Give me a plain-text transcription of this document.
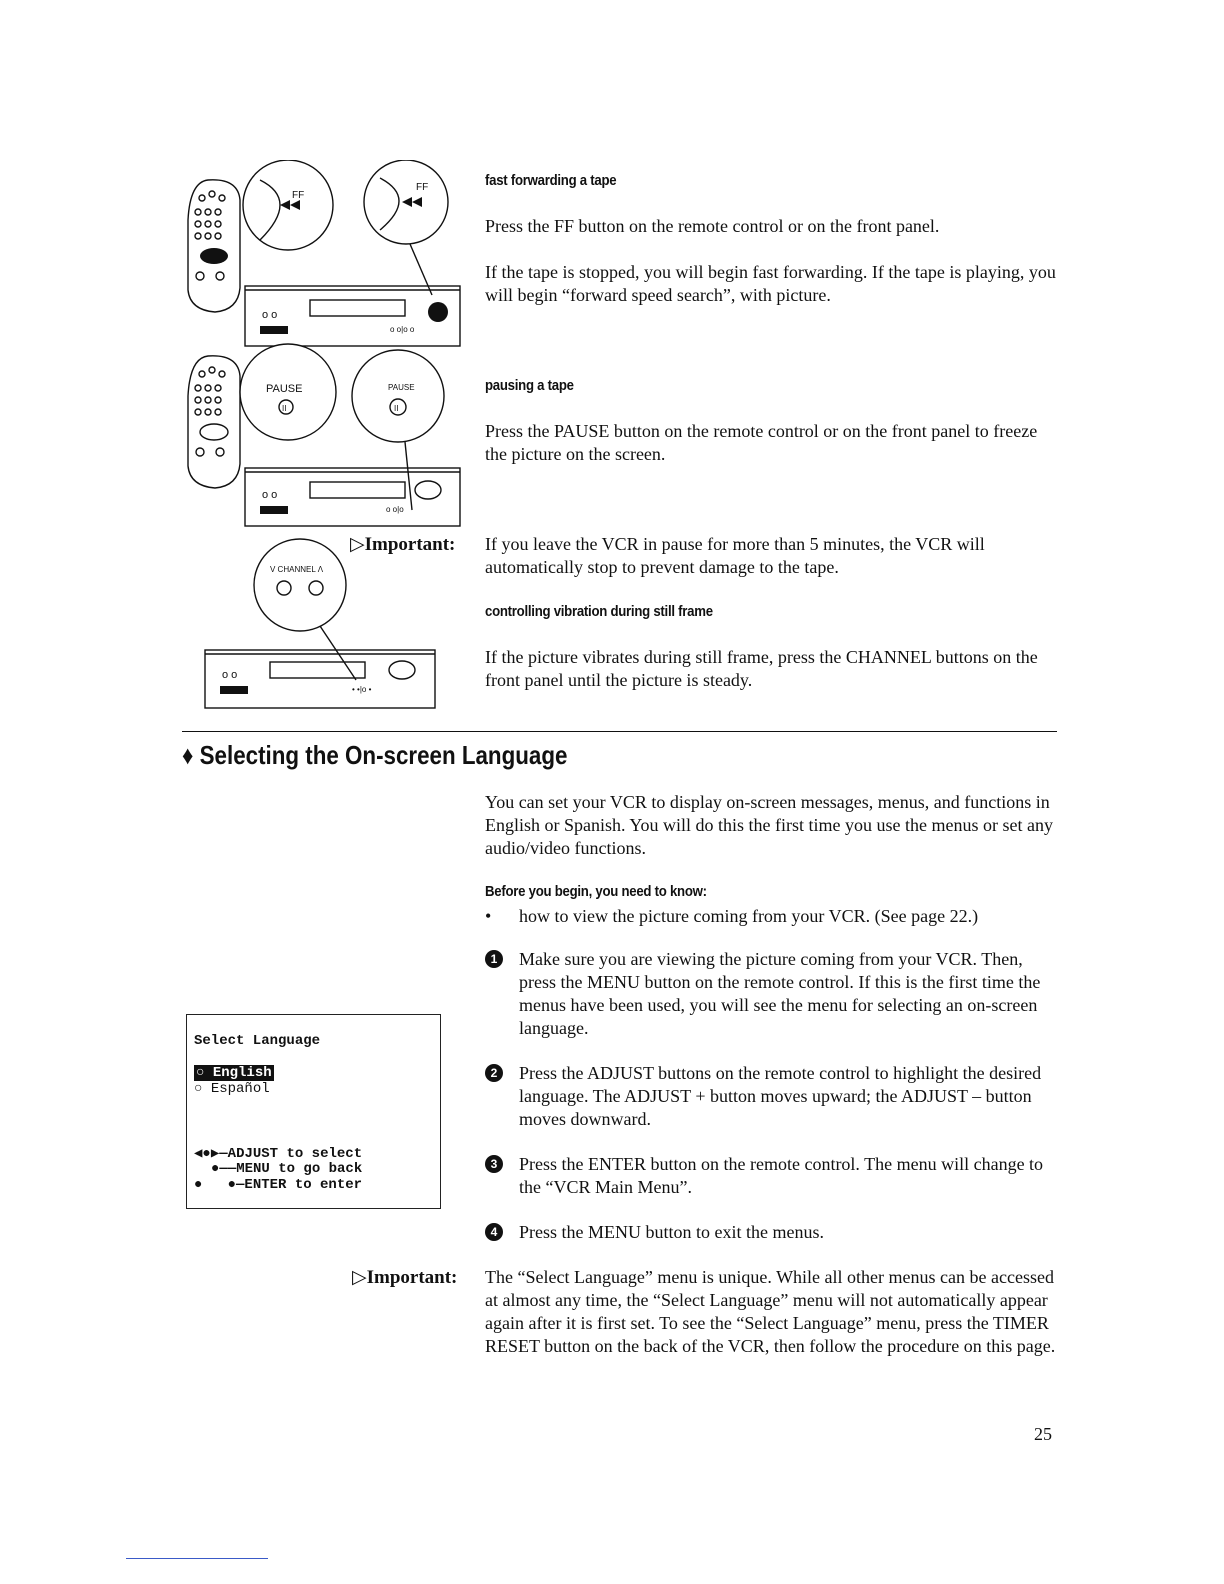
FF
FF
o o
o o|o o
PAUSE
II
PAUSE
II
o o
o o|o
V CHANNEL Λ
o o
• •|o •
fast forwarding a tape
Press the FF button on the remote control or on the front panel.
If the tape is stopped, you will begin fast forwarding. If the tape is playing, you will begin “forward speed search”, with picture.
pausing a tape
Press the PAUSE button on the remote control or on the front panel to freeze the picture on the screen.
▷Important: If you leave the VCR in pause for more than 5 minutes, the VCR will automatically stop to prevent damage to the tape.
controlling vibration during still frame
If the picture vibrates during still frame, press the CHANNEL buttons on the front panel until the picture is steady.
♦ Selecting the On-screen Language
You can set your VCR to display on-screen messages, menus, and functions in English or Spanish. You will do this the first time you use the menus or set any audio/video functions.
Before you begin, you need to know:
• how to view the picture coming from your VCR. (See page 22.)
1	Make sure you are viewing the picture coming from your VCR. Then, press the MENU button on the remote control. If this is the first time the menus have been used, you will see the menu for selecting an on-screen language.
2	Press the ADJUST buttons on the remote control to highlight the desired language. The ADJUST + button moves upward; the ADJUST – button moves downward.
3	Press the ENTER button on the remote control. The menu will change to the “VCR Main Menu”.
4	Press the MENU button to exit the menus.
Select Language
○ English
○ Español
◀●▶—ADJUST to select
●——MENU to go back
●   ●—ENTER to enter
▷Important: The “Select Language” menu is unique. While all other menus can be accessed at almost any time, the “Select Language” menu will not automatically appear again after it is first set. To see the “Select Language” menu, press the TIMER RESET button on the back of the VCR, then follow the procedure on this page.
25
